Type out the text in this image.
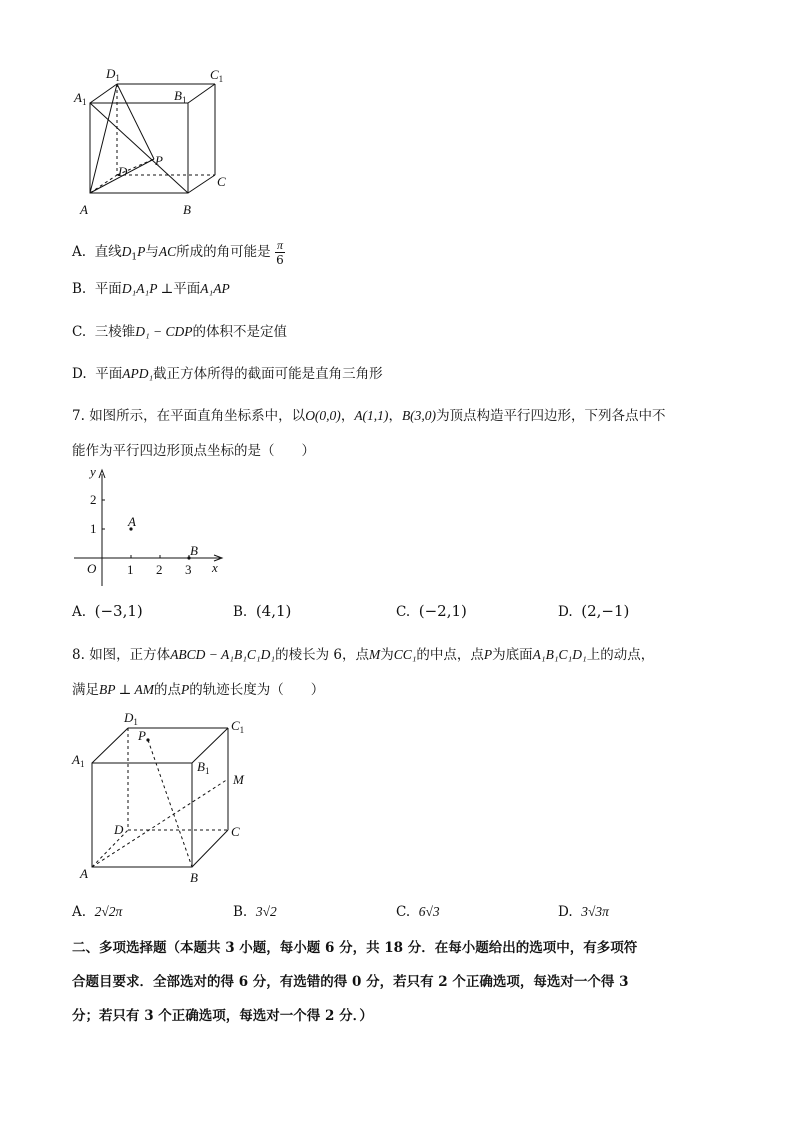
$D_1$	$C_1$
$A_1$	$B_1$
P
D
C
A	B
A. 直线$D_1P$与AC所成的角可能是 $\frac{\pi}{6}$
B. 平面D₁A₁P ⊥平面A₁AP
C. 三棱锥D₁ − CDP的体积不是定值
D. 平面APD₁截正方体所得的截面可能是直角三角形
7. 如图所示，在平面直角坐标系中，以O(0,0)，A(1,1)，B(3,0)为顶点构造平行四边形，下列各点中不
能作为平行四边形顶点坐标的是（　　）
y
x
O
A
B
1 2 3
1
2
A. (−3,1)	B. (4,1)	C. (−2,1)	D. (2,−1)
8. 如图，正方体ABCD − A₁B₁C₁D₁的棱长为 6，点M为CC₁的中点，点P为底面A₁B₁C₁D₁上的动点，
满足BP ⊥ AM的点P的轨迹长度为（　　）
$D_1$	$C_1$
$A_1$	$B_1$
P
M
D	C
A	B
A. 2√2π	B. 3√2	C. 6√3	D. 3√3π
二、多项选择题（本题共 3 小题，每小题 6 分，共 18 分．在每小题给出的选项中，有多项符
合题目要求．全部选对的得 6 分，有选错的得 0 分，若只有 2 个正确选项，每选对一个得 3
分；若只有 3 个正确选项，每选对一个得 2 分．）
